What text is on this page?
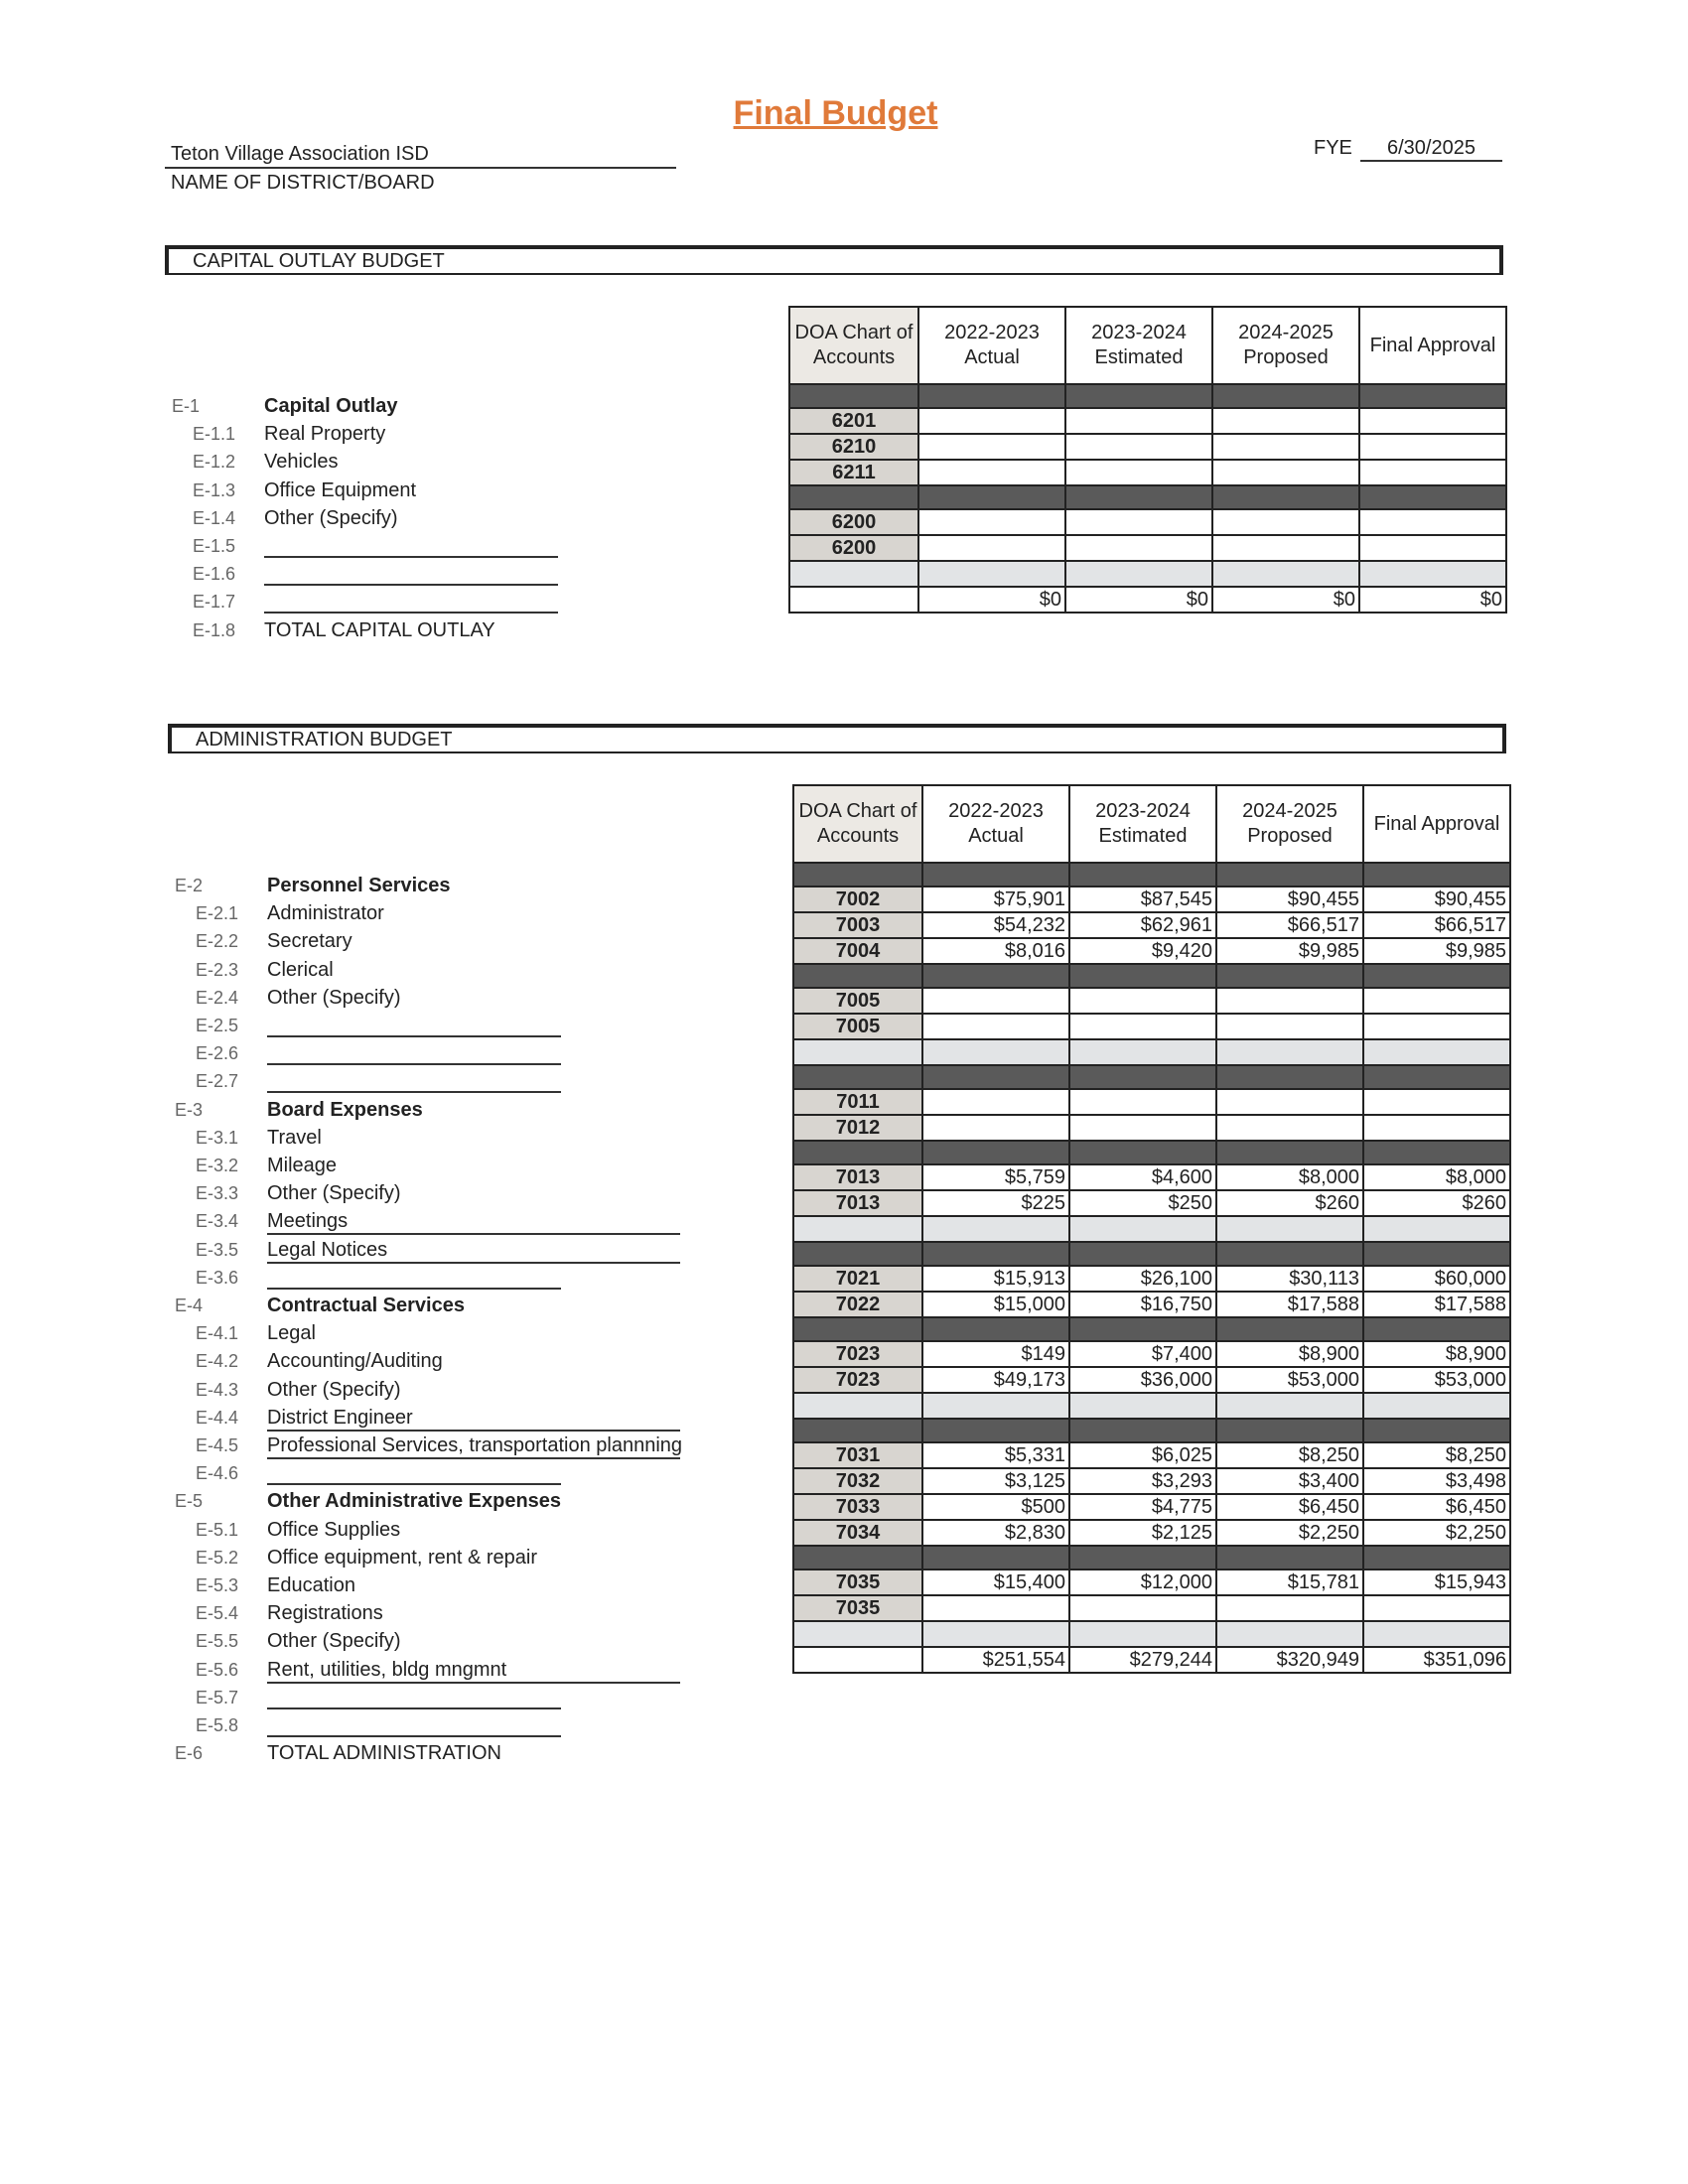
Final Budget
Teton Village Association ISD
NAME OF DISTRICT/BOARD
FYE	6/30/2025
CAPITAL OUTLAY BUDGET
E-1	Capital Outlay
E-1.1 Real Property
E-1.2 Vehicles
E-1.3 Office Equipment
E-1.4 Other (Specify)
E-1.5
E-1.6
E-1.7
E-1.8 TOTAL CAPITAL OUTLAY
DOA Chart of Accounts	2022-2023 Actual	2023-2024 Estimated	2024-2025 Proposed	Final Approval

6201				
6210				
6211				

6200				
6200				

	$0	$0	$0	$0
ADMINISTRATION BUDGET
E-2	Personnel Services
E-2.1 Administrator
E-2.2 Secretary
E-2.3 Clerical
E-2.4 Other (Specify)
E-2.5
E-2.6
E-2.7
E-3	Board Expenses
E-3.1 Travel
E-3.2 Mileage
E-3.3 Other (Specify)
E-3.4 Meetings
E-3.5 Legal Notices
E-3.6
E-4	Contractual Services
E-4.1 Legal
E-4.2 Accounting/Auditing
E-4.3 Other (Specify)
E-4.4 District Engineer
E-4.5 Professional Services, transportation plannning
E-4.6
E-5	Other Administrative Expenses
E-5.1 Office Supplies
E-5.2 Office equipment, rent & repair
E-5.3 Education
E-5.4 Registrations
E-5.5 Other (Specify)
E-5.6 Rent, utilities, bldg mngmnt
E-5.7
E-5.8
E-6	TOTAL ADMINISTRATION
DOA Chart of Accounts	2022-2023 Actual	2023-2024 Estimated	2024-2025 Proposed	Final Approval

7002	$75,901	$87,545	$90,455	$90,455
7003	$54,232	$62,961	$66,517	$66,517
7004	$8,016	$9,420	$9,985	$9,985

7005				
7005				

7011				
7012				

7013	$5,759	$4,600	$8,000	$8,000
7013	$225	$250	$260	$260

7021	$15,913	$26,100	$30,113	$60,000
7022	$15,000	$16,750	$17,588	$17,588

7023	$149	$7,400	$8,900	$8,900
7023	$49,173	$36,000	$53,000	$53,000

7031	$5,331	$6,025	$8,250	$8,250
7032	$3,125	$3,293	$3,400	$3,498
7033	$500	$4,775	$6,450	$6,450
7034	$2,830	$2,125	$2,250	$2,250

7035	$15,400	$12,000	$15,781	$15,943
7035				

	$251,554	$279,244	$320,949	$351,096
